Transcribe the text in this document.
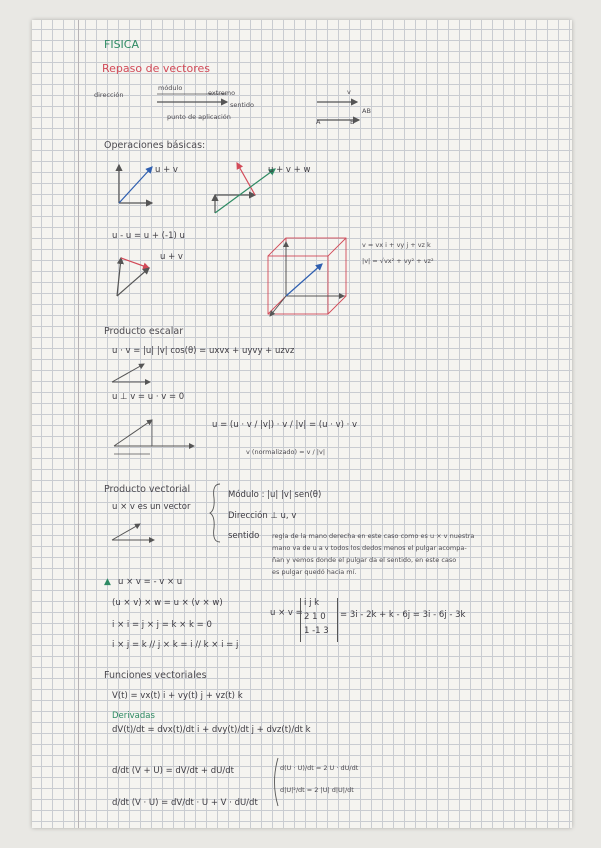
FISICA
Repaso de vectores
dirección
módulo
extremo
sentido
punto de aplicación
v
AB
A	B
Operaciones básicas:
u + v	u + v + w
u - u = u + (-1) u
u + v
v = vx i + vy j + vz k
|v| = √vx² + vy² + vz²
Producto escalar
u · v = |u| |v| cos(θ) = uxvx + uyvy + uzvz
u ⊥ v = u · v = 0
u = (u · v / |v|) · v / |v| = (u · v) · v
v (normalizado) = v / |v|
Producto vectorial
u × v es un vector
Módulo : |u| |v| sen(θ)
Dirección ⊥ u, v
sentido regla de la mano derecha en este caso como es u × v nuestra
mano va de u a v todos los dedos menos el pulgar acompa-
ñan y vemos donde el pulgar da el sentido, en este caso
es pulgar quedó hacia mí.
▲ u × v = - v × u
(u × v) × w = u × (v × w)
i × i = j × j = k × k = 0
i × j = k // j × k = i // k × i = j
u × v =
i j k
2 1 0
1 -1 3
= 3i - 2k + k - 6j = 3i - 6j - 3k
Funciones vectoriales
V(t) = vx(t) i + vy(t) j + vz(t) k
Derivadas
dV(t)/dt = dvx(t)/dt i + dvy(t)/dt j + dvz(t)/dt k
d/dt (V + U) = dV/dt + dU/dt
d/dt (V · U) = dV/dt · U + V · dU/dt
d(U · U)/dt = 2 U · dU/dt
d|U|²/dt = 2 |U| d|U|/dt
